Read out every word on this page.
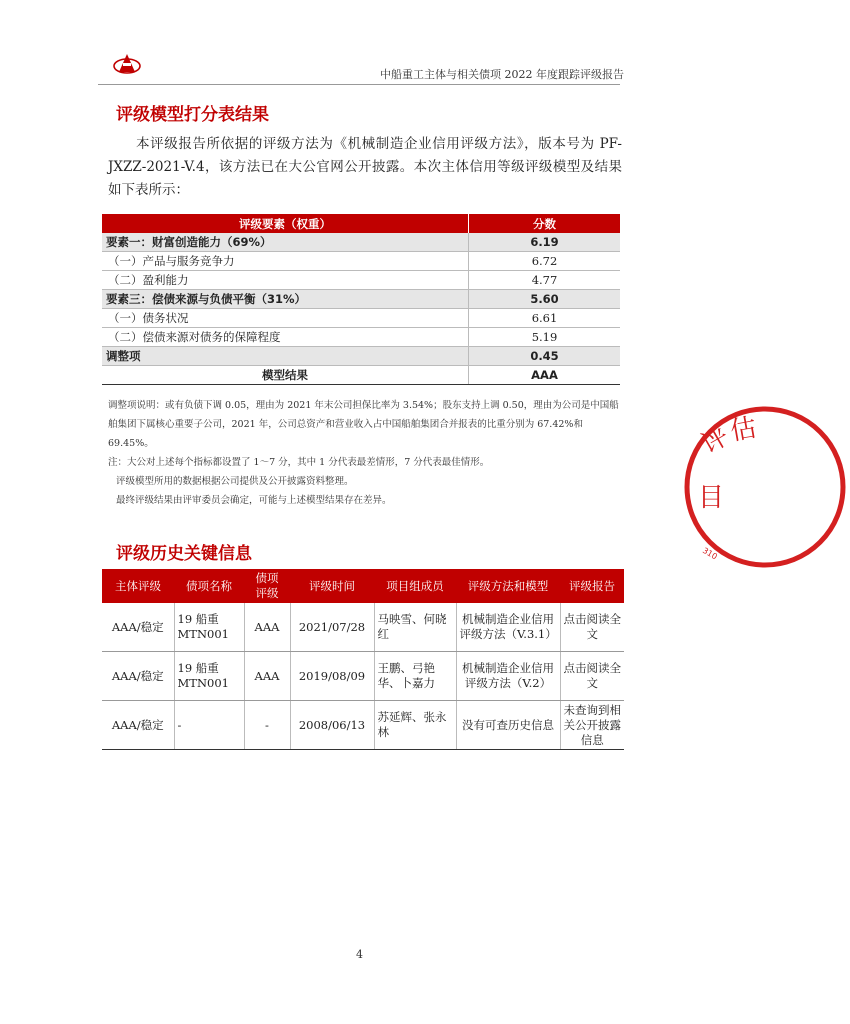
中船重工主体与相关债项 2022 年度跟踪评级报告
评级模型打分表结果

本评级报告所依据的评级方法为《机械制造企业信用评级方法》，版本号为 PF-JXZZ-2021-V.4，该方法已在大公官网公开披露。本次主体信用等级评级模型及结果如下表所示：

评级要素（权重）	分数
要素一：财富创造能力（69%）	6.19
（一）产品与服务竞争力	6.72
（二）盈利能力	4.77
要素三：偿债来源与负债平衡（31%）	5.60
（一）债务状况	6.61
（二）偿债来源对债务的保障程度	5.19
调整项	0.45
模型结果	AAA

调整项说明：或有负债下调 0.05，理由为 2021 年末公司担保比率为 3.54%；股东支持上调 0.50，理由为公司是中国船舶集团下属核心重要子公司，2021 年，公司总资产和营业收入占中国船舶集团合并报表的比重分别为 67.42%和 69.45%。

注：大公对上述每个指标都设置了 1～7 分，其中 1 分代表最差情形，7 分代表最佳情形。

评级模型所用的数据根据公司提供及公开披露资料整理。

最终评级结果由评审委员会确定，可能与上述模型结果存在差异。

评级历史关键信息
主体评级	债项名称	债项评级	评级时间	项目组成员	评级方法和模型	评级报告
AAA/稳定	19 船重 MTN001	AAA	2021/07/28	马映雪、何晓红	机械制造企业信用评级方法（V.3.1）	点击阅读全文
AAA/稳定	19 船重 MTN001	AAA	2019/08/09	王鹏、弓艳华、卜嘉力	机械制造企业信用评级方法（V.2）	点击阅读全文
AAA/稳定	-	-	2008/06/13	苏延辉、张永林	没有可查历史信息	未查询到相关公开披露信息
4
评
估
目
310
